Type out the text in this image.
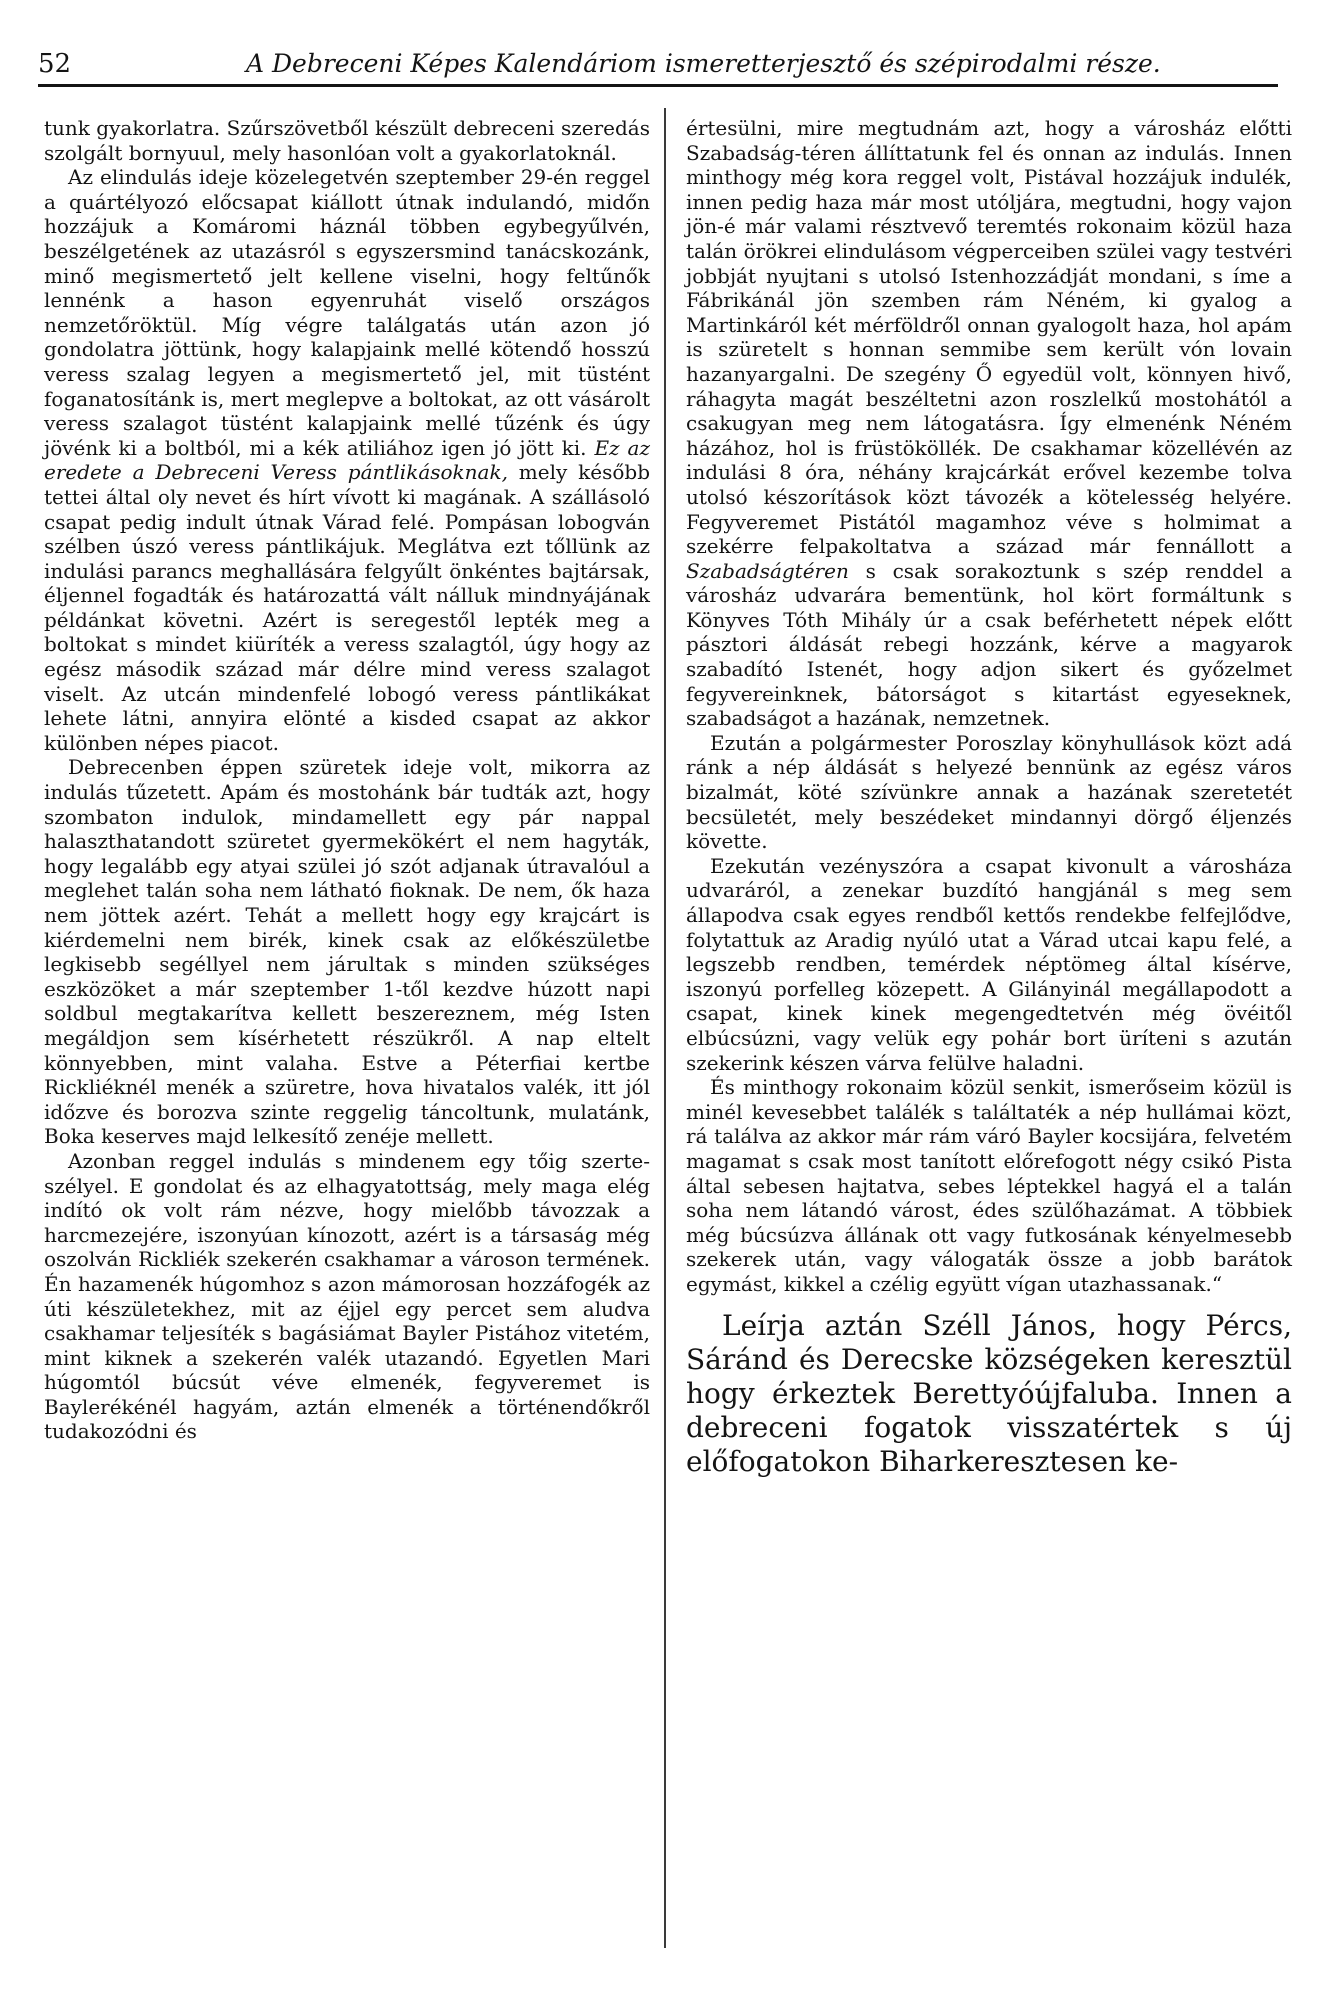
52	A Debreceni Képes Kalendáriom ismeretterjesztő és szépirodalmi része.

tunk gyakorlatra. Szűrszövetből készült debreceni szeredás szolgált bornyuul, mely hasonlóan volt a gyakorlatoknál.

Az elindulás ideje közelegetvén szeptember 29-én reggel a quártélyozó előcsapat kiállott útnak indulandó, midőn hozzájuk a Komáromi háznál többen egybegyűlvén, beszélgetének az utazásról s egyszersmind tanácskozánk, minő megismertető jelt kellene viselni, hogy feltűnők lennénk a hason egyenruhát viselő országos nemzetőröktül. Míg végre találgatás után azon jó gondolatra jöttünk, hogy kalapjaink mellé kötendő hosszú veress szalag legyen a megismertető jel, mit tüstént foganatosítánk is, mert meglepve a boltokat, az ott vásárolt veress szalagot tüstént kalapjaink mellé tűzénk és úgy jövénk ki a boltból, mi a kék atiliához igen jó jött ki. Ez az eredete a Debreceni Veress pántlikásoknak, mely később tettei által oly nevet és hírt vívott ki magának. A szállásoló csapat pedig indult útnak Várad felé. Pompásan lobogván szélben úszó veress pántlikájuk. Meglátva ezt tőllünk az indulási parancs meghallására felgyűlt önkéntes bajtársak, éljennel fogadták és határozattá vált nálluk mindnyájának példánkat követni. Azért is seregestől lepték meg a boltokat s mindet kiüríték a veress szalagtól, úgy hogy az egész második század már délre mind veress szalagot viselt. Az utcán mindenfelé lobogó veress pántlikákat lehete látni, annyira elönté a kisded csapat az akkor különben népes piacot.

Debrecenben éppen szüretek ideje volt, mikorra az indulás tűzetett. Apám és mostohánk bár tudták azt, hogy szombaton indulok, mindamellett egy pár nappal halaszthatandott szüretet gyermekökért el nem hagyták, hogy legalább egy atyai szülei jó szót adjanak útravalóul a meglehet talán soha nem látható fioknak. De nem, ők haza nem jöttek azért. Tehát a mellett hogy egy krajcárt is kiérdemelni nem birék, kinek csak az előkészületbe legkisebb segéllyel nem járultak s minden szükséges eszközöket a már szeptember 1-től kezdve húzott napi soldbul megtakarítva kellett beszereznem, még Isten megáldjon sem kísérhetett részükről. A nap eltelt könnyebben, mint valaha. Estve a Péterfiai kertbe Rickliéknél menék a szüretre, hova hivatalos valék, itt jól időzve és borozva szinte reggelig táncoltunk, mulatánk, Boka keserves majd lelkesítő zenéje mellett.

Azonban reggel indulás s mindenem egy tőig szerte-szélyel. E gondolat és az elhagyatottság, mely maga elég indító ok volt rám nézve, hogy mielőbb távozzak a harcmezejére, iszonyúan kínozott, azért is a társaság még oszolván Rickliék szekerén csakhamar a városon termének. Én hazamenék húgomhoz s azon mámorosan hozzáfogék az úti készületekhez, mit az éjjel egy percet sem aludva csakhamar teljesíték s bagásiámat Bayler Pistához vitetém, mint kiknek a szekerén valék utazandó. Egyetlen Mari húgomtól búcsút véve elmenék, fegyveremet is Baylerékénél hagyám, aztán elmenék a történendőkről tudakozódni és

értesülni, mire megtudnám azt, hogy a városház előtti Szabadság-téren állíttatunk fel és onnan az indulás. Innen minthogy még kora reggel volt, Pistával hozzájuk indulék, innen pedig haza már most utóljára, megtudni, hogy vajon jön-é már valami résztvevő teremtés rokonaim közül haza talán örökrei elindulásom végperceiben szülei vagy testvéri jobbját nyujtani s utolsó Istenhozzádját mondani, s íme a Fábrikánál jön szemben rám Néném, ki gyalog a Martinkáról két mérföldről onnan gyalogolt haza, hol apám is szüretelt s honnan semmibe sem került vón lovain hazanyargalni. De szegény Ő egyedül volt, könnyen hivő, ráhagyta magát beszéltetni azon roszlelkű mostohától a csakugyan meg nem látogatásra. Így elmenénk Néném házához, hol is früstököllék. De csakhamar közellévén az indulási 8 óra, néhány krajcárkát erővel kezembe tolva utolsó készorítások közt távozék a kötelesség helyére. Fegyveremet Pistától magamhoz véve s holmimat a szekérre felpakoltatva a század már fennállott a Szabadságtéren s csak sorakoztunk s szép renddel a városház udvarára bementünk, hol kört formáltunk s Könyves Tóth Mihály úr a csak beférhetett népek előtt pásztori áldását rebegi hozzánk, kérve a magyarok szabadító Istenét, hogy adjon sikert és győzelmet fegyvereinknek, bátorságot s kitartást egyeseknek, szabadságot a hazának, nemzetnek.

Ezután a polgármester Poroszlay könyhullások közt adá ránk a nép áldását s helyezé bennünk az egész város bizalmát, köté szívünkre annak a hazának szeretetét becsületét, mely beszédeket mindannyi dörgő éljenzés követte.

Ezekután vezényszóra a csapat kivonult a városháza udvaráról, a zenekar buzdító hangjánál s meg sem állapodva csak egyes rendből kettős rendekbe felfejlődve, folytattuk az Aradig nyúló utat a Várad utcai kapu felé, a legszebb rendben, temérdek néptömeg által kísérve, iszonyú porfelleg közepett. A Gilányinál megállapodott a csapat, kinek kinek megengedtetvén még övéitől elbúcsúzni, vagy velük egy pohár bort üríteni s azután szekerink készen várva felülve haladni.

És minthogy rokonaim közül senkit, ismerőseim közül is minél kevesebbet találék s találtaték a nép hullámai közt, rá találva az akkor már rám váró Bayler kocsijára, felvetém magamat s csak most tanított előrefogott négy csikó Pista által sebesen hajtatva, sebes léptekkel hagyá el a talán soha nem látandó várost, édes szülőhazámat. A többiek még búcsúzva állának ott vagy futkosának kényelmesebb szekerek után, vagy válogaták össze a jobb barátok egymást, kikkel a czélig együtt vígan utazhassanak.“

Leírja aztán Széll János, hogy Pércs, Sáránd és Derecske községeken keresztül hogy érkeztek Berettyóújfaluba. Innen a debreceni fogatok visszatértek s új előfogatokon Biharkeresztesen ke-
